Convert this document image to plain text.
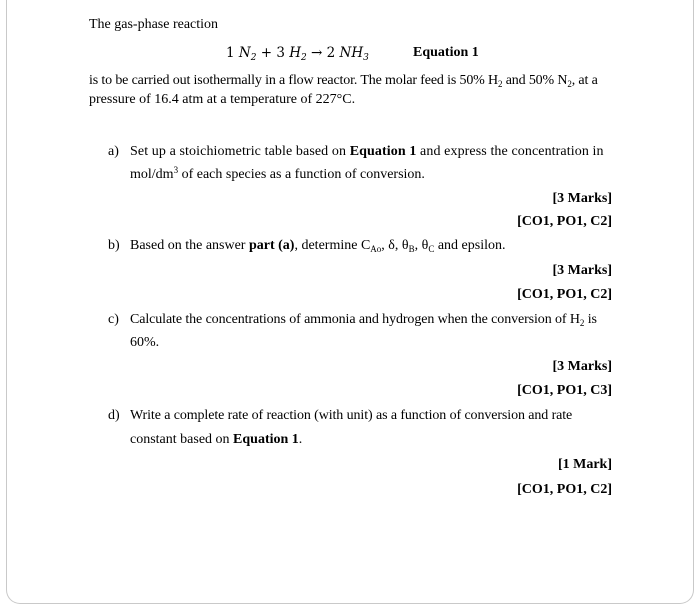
The gas-phase reaction
1 $N_2 + 3$ $H_2 \to 2$ $NH_3$	Equation 1
is to be carried out isothermally in a flow reactor. The molar feed is 50% $H_2$ and 50% $N_2$, at a
pressure of 16.4 atm at a temperature of 227°C.
a) Set up a stoichiometric table based on Equation 1 and express the concentration in
mol/$dm^3$ of each species as a function of conversion.
[3 Marks]
[CO1, PO1, C2]
b) Based on the answer part (a), determine $C_{Ao}$, δ, $\theta_B$, $\theta_C$ and epsilon.
[3 Marks]
[CO1, PO1, C2]
c) Calculate the concentrations of ammonia and hydrogen when the conversion of $H_2$ is
60%.
[3 Marks]
[CO1, PO1, C3]
d) Write a complete rate of reaction (with unit) as a function of conversion and rate
constant based on Equation 1.
[1 Mark]
[CO1, PO1, C2]
